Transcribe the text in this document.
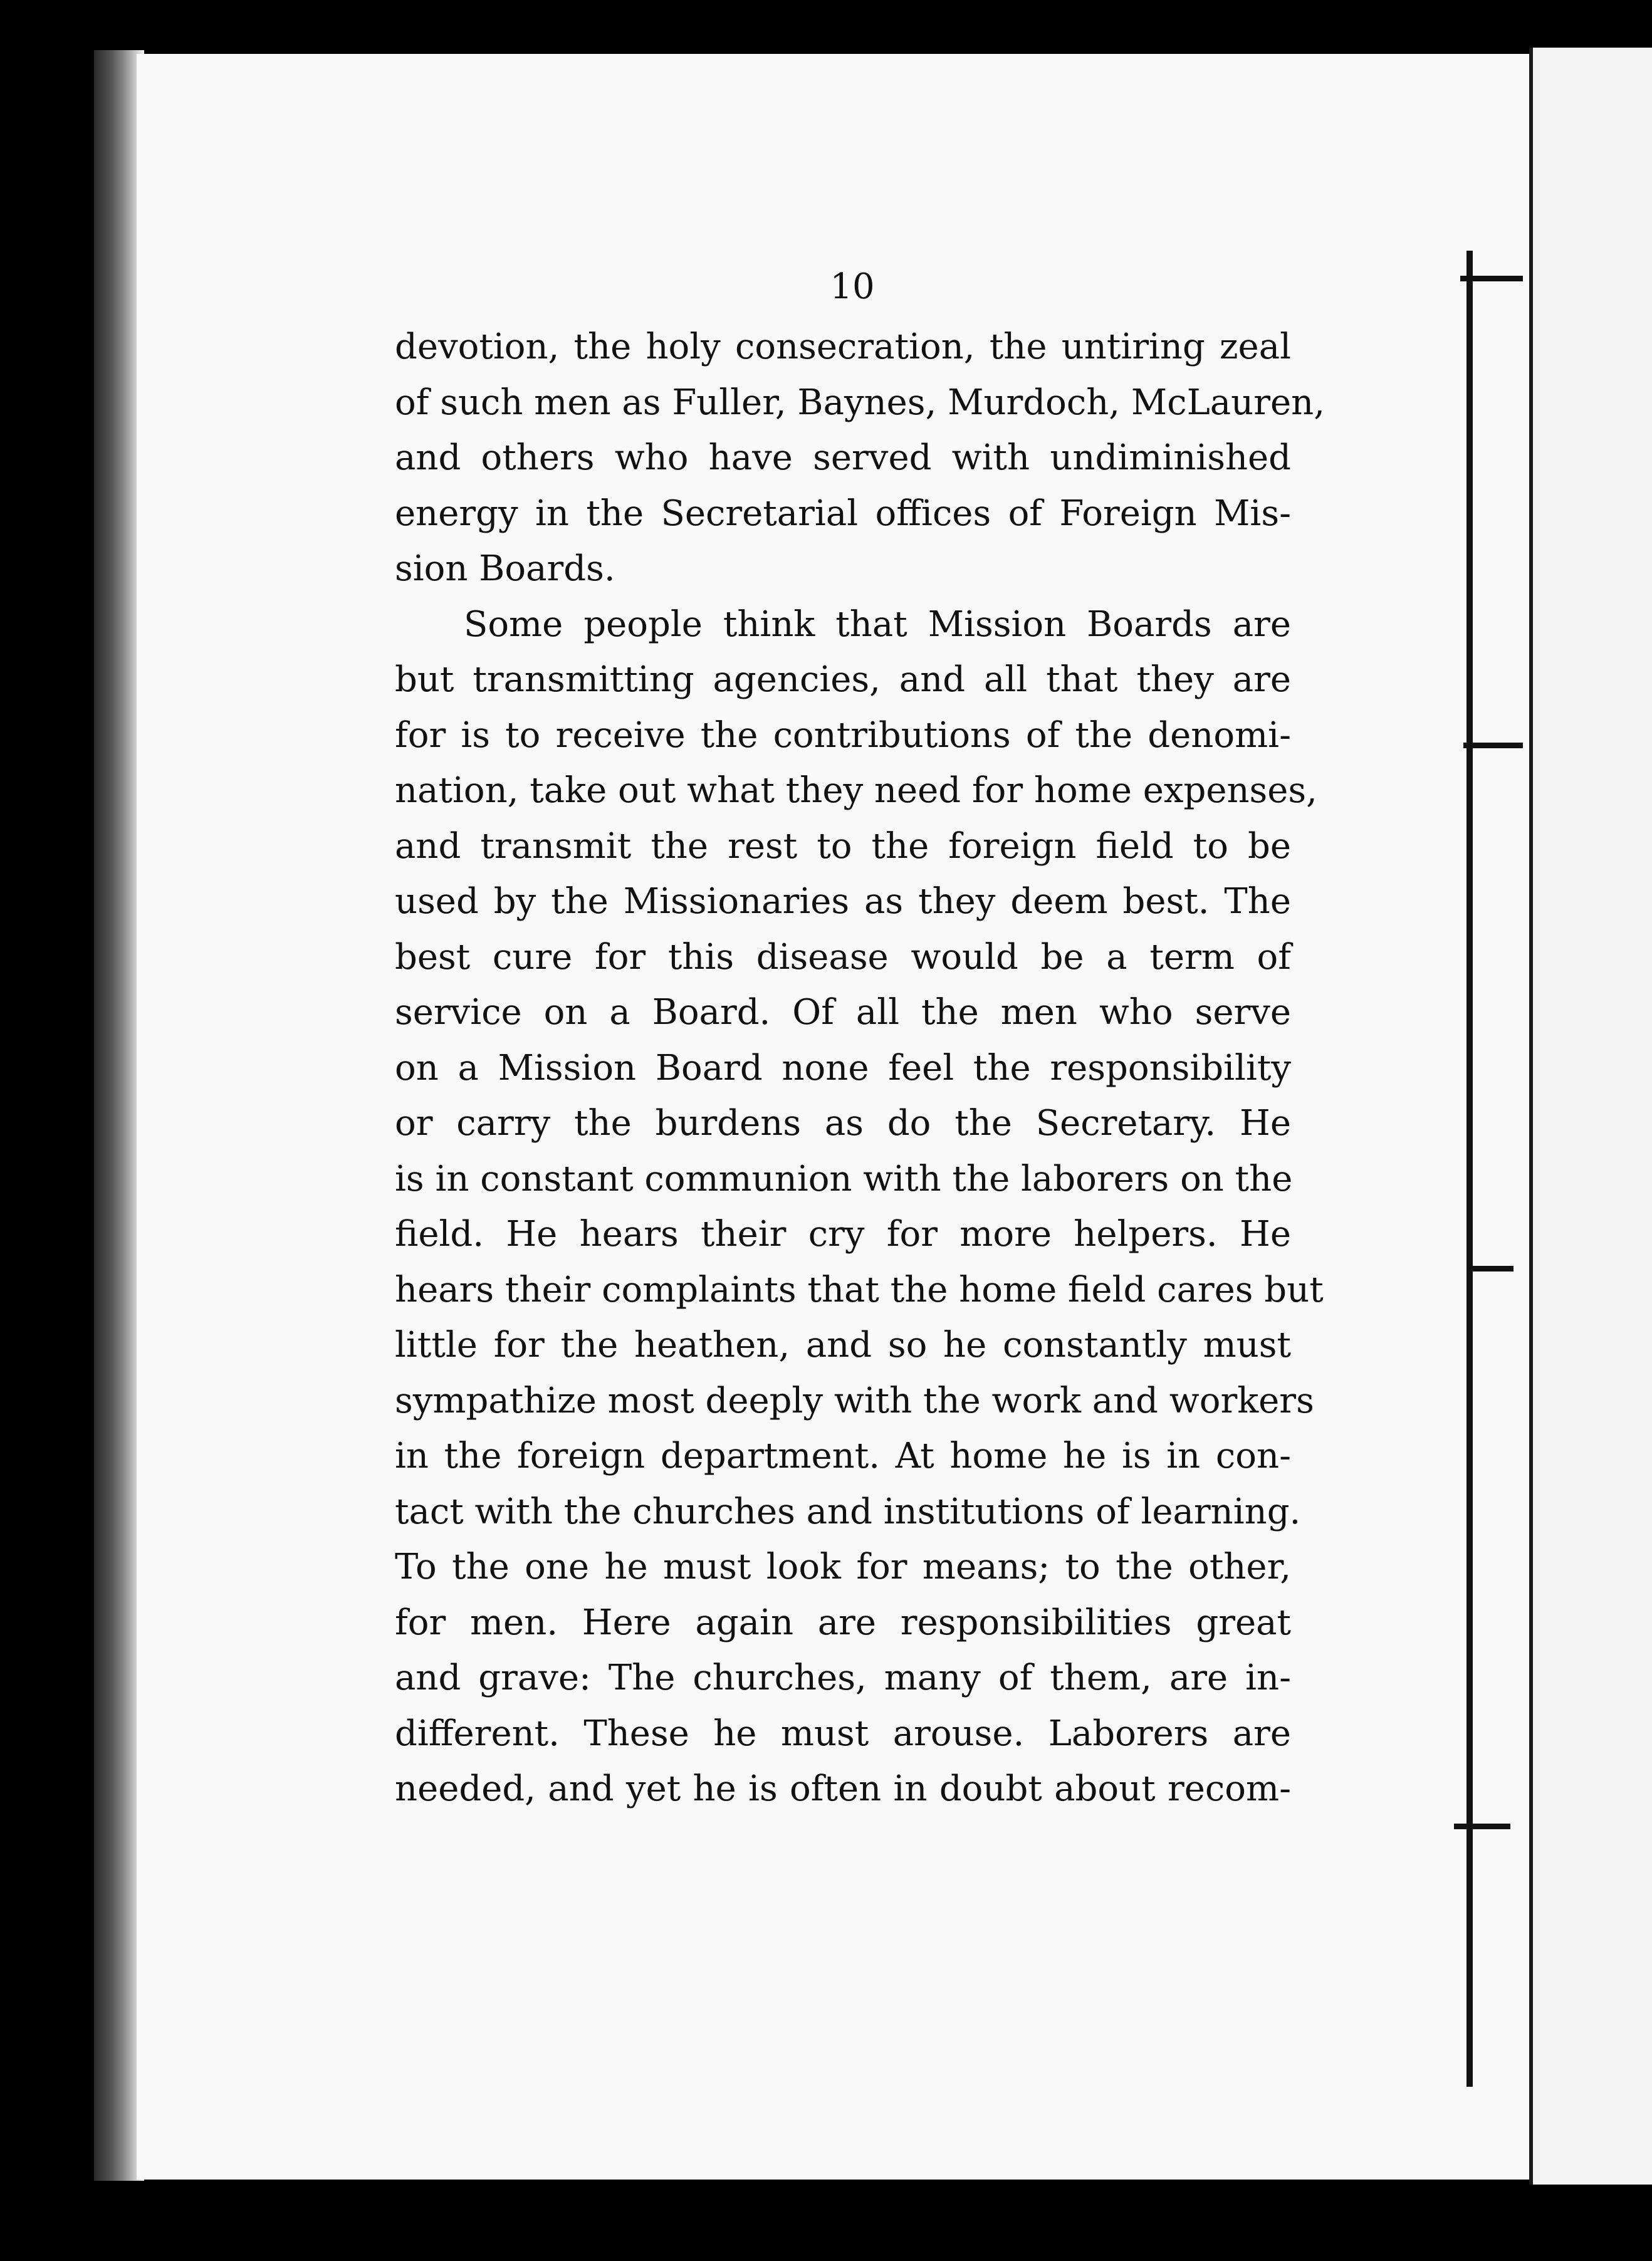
10
devotion, the holy consecration, the untiring zeal
of such men as Fuller, Baynes, Murdoch, McLauren,
and others who have served with undiminished
energy in the Secretarial offices of Foreign Mis-
sion Boards.
Some people think that Mission Boards are
but transmitting agencies, and all that they are
for is to receive the contributions of the denomi-
nation, take out what they need for home expenses,
and transmit the rest to the foreign field to be
used by the Missionaries as they deem best. The
best cure for this disease would be a term of
service on a Board. Of all the men who serve
on a Mission Board none feel the responsibility
or carry the burdens as do the Secretary. He
is in constant communion with the laborers on the
field. He hears their cry for more helpers. He
hears their complaints that the home field cares but
little for the heathen, and so he constantly must
sympathize most deeply with the work and workers
in the foreign department. At home he is in con-
tact with the churches and institutions of learning.
To the one he must look for means; to the other,
for men. Here again are responsibilities great
and grave: The churches, many of them, are in-
different. These he must arouse. Laborers are
needed, and yet he is often in doubt about recom-
